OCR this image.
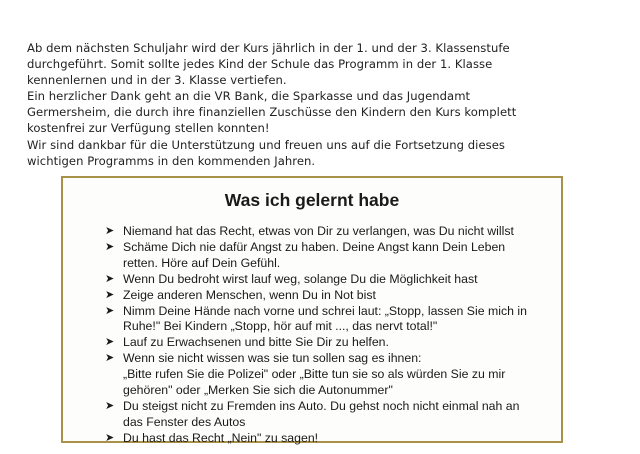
Ab dem nächsten Schuljahr wird der Kurs jährlich in der 1. und der 3. Klassenstufe
durchgeführt. Somit sollte jedes Kind der Schule das Programm in der 1. Klasse
kennenlernen und in der 3. Klasse vertiefen.
Ein herzlicher Dank geht an die VR Bank, die Sparkasse und das Jugendamt
Germersheim, die durch ihre finanziellen Zuschüsse den Kindern den Kurs komplett
kostenfrei zur Verfügung stellen konnten!
Wir sind dankbar für die Unterstützung und freuen uns auf die Fortsetzung dieses
wichtigen Programms in den kommenden Jahren.
Was ich gelernt habe
➤ Niemand hat das Recht, etwas von Dir zu verlangen, was Du nicht willst
➤ Schäme Dich nie dafür Angst zu haben. Deine Angst kann Dein Leben
retten. Höre auf Dein Gefühl.
➤ Wenn Du bedroht wirst lauf weg, solange Du die Möglichkeit hast
➤ Zeige anderen Menschen, wenn Du in Not bist
➤ Nimm Deine Hände nach vorne und schrei laut: „Stopp, lassen Sie mich in
Ruhe!" Bei Kindern „Stopp, hör auf mit ..., das nervt total!"
➤ Lauf zu Erwachsenen und bitte Sie Dir zu helfen.
➤ Wenn sie nicht wissen was sie tun sollen sag es ihnen:
„Bitte rufen Sie die Polizei" oder „Bitte tun sie so als würden Sie zu mir
gehören" oder „Merken Sie sich die Autonummer"
➤ Du steigst nicht zu Fremden ins Auto. Du gehst noch nicht einmal nah an
das Fenster des Autos
➤ Du hast das Recht „Nein" zu sagen!
